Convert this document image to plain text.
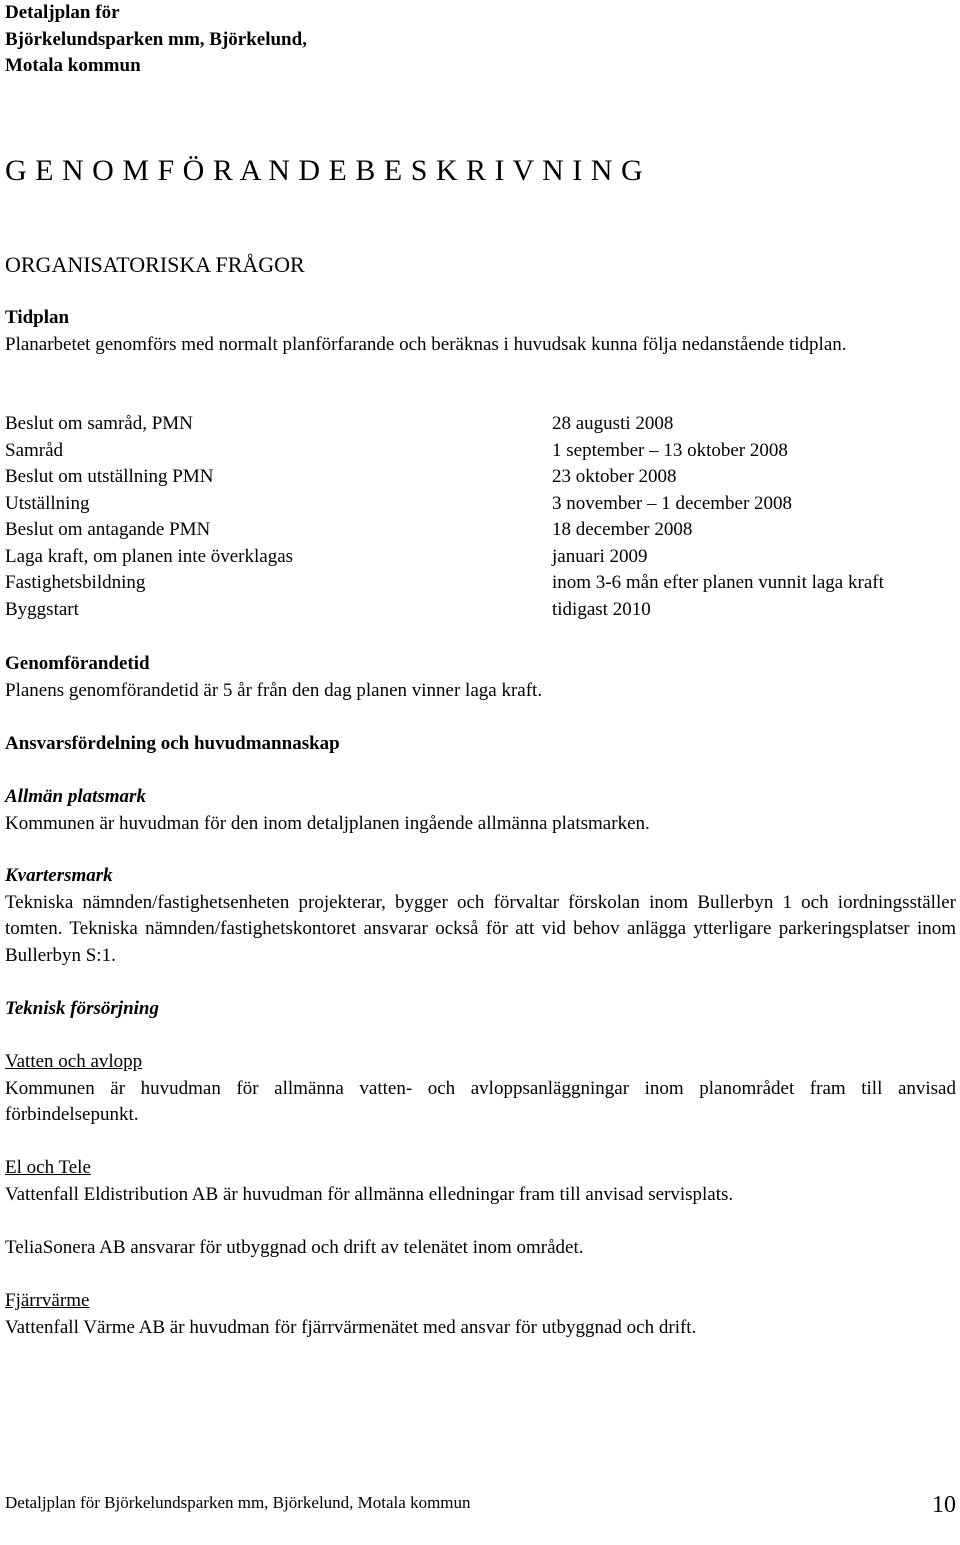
Detaljplan för
Björkelundsparken mm, Björkelund,
Motala kommun
G E N O M F Ö R A N D E B E S K R I V N I N G
ORGANISATORISKA FRÅGOR
Tidplan
Planarbetet genomförs med normalt planförfarande och beräknas i huvudsak kunna följa nedanstående tidplan.
Beslut om samråd, PMN	28 augusti 2008
Samråd	1 september – 13 oktober 2008
Beslut om utställning PMN	23 oktober 2008
Utställning	3 november – 1 december 2008
Beslut om antagande PMN	18 december 2008
Laga kraft, om planen inte överklagas	januari 2009
Fastighetsbildning	inom 3-6 mån efter planen vunnit laga kraft
Byggstart	tidigast 2010
Genomförandetid
Planens genomförandetid är 5 år från den dag planen vinner laga kraft.
Ansvarsfördelning och huvudmannaskap
Allmän platsmark
Kommunen är huvudman för den inom detaljplanen ingående allmänna platsmarken.
Kvartersmark
Tekniska nämnden/fastighetsenheten projekterar, bygger och förvaltar förskolan inom Bullerbyn 1 och iordningsställer tomten. Tekniska nämnden/fastighetskontoret ansvarar också för att vid behov anlägga ytterligare parkeringsplatser inom Bullerbyn S:1.
Teknisk försörjning
Vatten och avlopp
Kommunen är huvudman för allmänna vatten- och avloppsanläggningar inom planområdet fram till anvisad förbindelsepunkt.
El och Tele
Vattenfall Eldistribution AB är huvudman för allmänna elledningar fram till anvisad servisplats.
TeliaSonera AB ansvarar för utbyggnad och drift av telenätet inom området.
Fjärrvärme
Vattenfall Värme AB är huvudman för fjärrvärmenätet med ansvar för utbyggnad och drift.
Detaljplan för Björkelundsparken mm, Björkelund, Motala kommun	10
